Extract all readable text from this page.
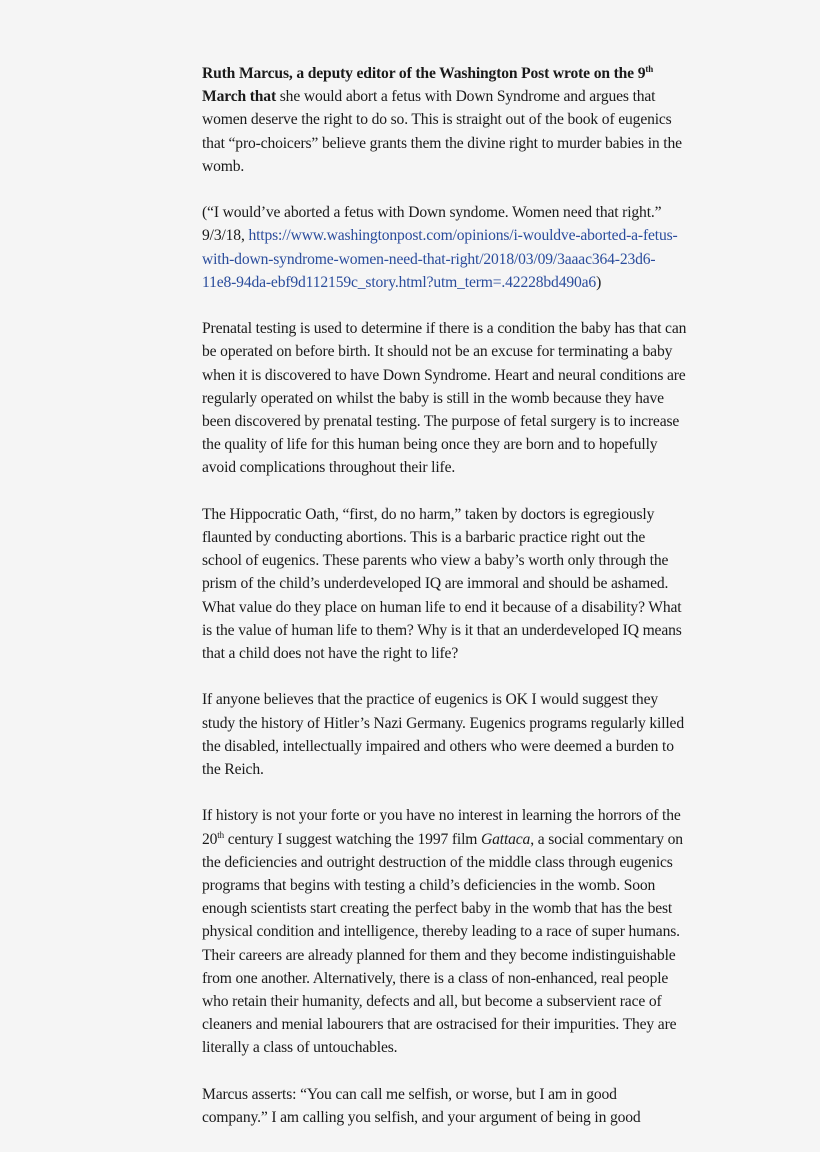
Ruth Marcus, a deputy editor of the Washington Post wrote on the 9th
March that she would abort a fetus with Down Syndrome and argues that
women deserve the right to do so. This is straight out of the book of eugenics
that “pro-choicers” believe grants them the divine right to murder babies in the
womb.

(“I would’ve aborted a fetus with Down syndome. Women need that right.”
9/3/18, https://www.washingtonpost.com/opinions/i-wouldve-aborted-a-fetus-
with-down-syndrome-women-need-that-right/2018/03/09/3aaac364-23d6-
11e8-94da-ebf9d112159c_story.html?utm_term=.42228bd490a6)

Prenatal testing is used to determine if there is a condition the baby has that can
be operated on before birth. It should not be an excuse for terminating a baby
when it is discovered to have Down Syndrome. Heart and neural conditions are
regularly operated on whilst the baby is still in the womb because they have
been discovered by prenatal testing. The purpose of fetal surgery is to increase
the quality of life for this human being once they are born and to hopefully
avoid complications throughout their life.

The Hippocratic Oath, “first, do no harm,” taken by doctors is egregiously
flaunted by conducting abortions. This is a barbaric practice right out the
school of eugenics. These parents who view a baby’s worth only through the
prism of the child’s underdeveloped IQ are immoral and should be ashamed.
What value do they place on human life to end it because of a disability? What
is the value of human life to them? Why is it that an underdeveloped IQ means
that a child does not have the right to life?

If anyone believes that the practice of eugenics is OK I would suggest they
study the history of Hitler’s Nazi Germany. Eugenics programs regularly killed
the disabled, intellectually impaired and others who were deemed a burden to
the Reich.

If history is not your forte or you have no interest in learning the horrors of the
20th century I suggest watching the 1997 film Gattaca, a social commentary on
the deficiencies and outright destruction of the middle class through eugenics
programs that begins with testing a child’s deficiencies in the womb. Soon
enough scientists start creating the perfect baby in the womb that has the best
physical condition and intelligence, thereby leading to a race of super humans.
Their careers are already planned for them and they become indistinguishable
from one another. Alternatively, there is a class of non-enhanced, real people
who retain their humanity, defects and all, but become a subservient race of
cleaners and menial labourers that are ostracised for their impurities. They are
literally a class of untouchables.

Marcus asserts: “You can call me selfish, or worse, but I am in good
company.” I am calling you selfish, and your argument of being in good
